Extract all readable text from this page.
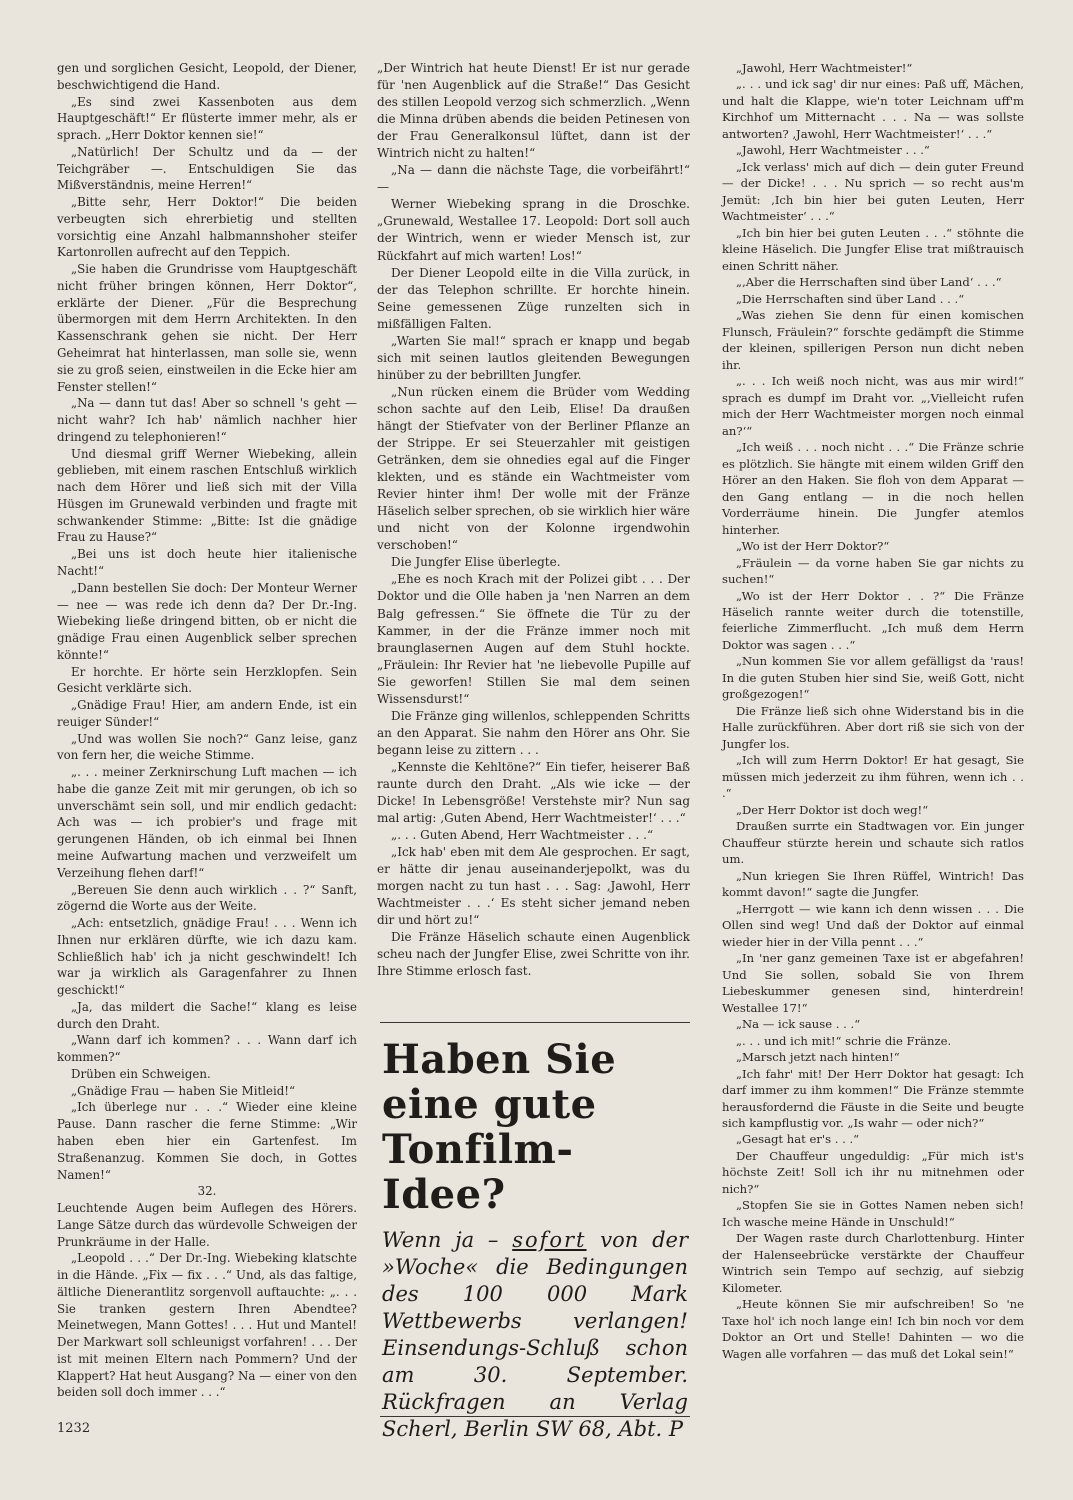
gen und sorglichen Gesicht, Leopold, der Diener, beschwichtigend die Hand.

„Es sind zwei Kassenboten aus dem Hauptgeschäft!“ Er flüsterte immer mehr, als er sprach. „Herr Doktor kennen sie!“

„Natürlich! Der Schultz und da — der Teichgräber —. Entschuldigen Sie das Mißverständnis, meine Herren!“

„Bitte sehr, Herr Doktor!“ Die beiden verbeugten sich ehrerbietig und stellten vorsichtig eine Anzahl halbmannshoher steifer Kartonrollen aufrecht auf den Teppich.

„Sie haben die Grundrisse vom Hauptgeschäft nicht früher bringen können, Herr Doktor“, erklärte der Diener. „Für die Besprechung übermorgen mit dem Herrn Architekten. In den Kassenschrank gehen sie nicht. Der Herr Geheimrat hat hinterlassen, man solle sie, wenn sie zu groß seien, einstweilen in die Ecke hier am Fenster stellen!“

„Na — dann tut das! Aber so schnell 's geht — nicht wahr? Ich hab' nämlich nachher hier dringend zu telephonieren!“

Und diesmal griff Werner Wiebeking, allein geblieben, mit einem raschen Entschluß wirklich nach dem Hörer und ließ sich mit der Villa Hüsgen im Grunewald verbinden und fragte mit schwankender Stimme: „Bitte: Ist die gnädige Frau zu Hause?“

„Bei uns ist doch heute hier italienische Nacht!“

„Dann bestellen Sie doch: Der Monteur Werner — nee — was rede ich denn da? Der Dr.-Ing. Wiebeking ließe dringend bitten, ob er nicht die gnädige Frau einen Augenblick selber sprechen könnte!“

Er horchte. Er hörte sein Herzklopfen. Sein Gesicht verklärte sich.

„Gnädige Frau! Hier, am andern Ende, ist ein reuiger Sünder!“

„Und was wollen Sie noch?“ Ganz leise, ganz von fern her, die weiche Stimme.

„. . . meiner Zerknirschung Luft machen — ich habe die ganze Zeit mit mir gerungen, ob ich so unverschämt sein soll, und mir endlich gedacht: Ach was — ich probier's und frage mit gerungenen Händen, ob ich einmal bei Ihnen meine Aufwartung machen und verzweifelt um Verzeihung flehen darf!“

„Bereuen Sie denn auch wirklich . . ?“ Sanft, zögernd die Worte aus der Weite.

„Ach: entsetzlich, gnädige Frau! . . . Wenn ich Ihnen nur erklären dürfte, wie ich dazu kam. Schließlich hab' ich ja nicht geschwindelt! Ich war ja wirklich als Garagenfahrer zu Ihnen geschickt!“

„Ja, das mildert die Sache!“ klang es leise durch den Draht.

„Wann darf ich kommen? . . . Wann darf ich kommen?“

Drüben ein Schweigen.

„Gnädige Frau — haben Sie Mitleid!“

„Ich überlege nur . . .“ Wieder eine kleine Pause. Dann rascher die ferne Stimme: „Wir haben eben hier ein Gartenfest. Im Straßenanzug. Kommen Sie doch, in Gottes Namen!“

32.

Leuchtende Augen beim Auflegen des Hörers. Lange Sätze durch das würdevolle Schweigen der Prunkräume in der Halle.

„Leopold . . .“ Der Dr.-Ing. Wiebeking klatschte in die Hände. „Fix — fix . . .“ Und, als das faltige, ältliche Dienerantlitz sorgenvoll auftauchte: „. . . Sie tranken gestern Ihren Abendtee? Meinetwegen, Mann Gottes! . . . Hut und Mantel! Der Markwart soll schleunigst vorfahren! . . . Der ist mit meinen Eltern nach Pommern? Und der Klappert? Hat heut Ausgang? Na — einer von den beiden soll doch immer . . .“

„Der Wintrich hat heute Dienst! Er ist nur gerade für 'nen Augenblick auf die Straße!“ Das Gesicht des stillen Leopold verzog sich schmerzlich. „Wenn die Minna drüben abends die beiden Petinesen von der Frau Generalkonsul lüftet, dann ist der Wintrich nicht zu halten!“

„Na — dann die nächste Tage, die vorbeifährt!“ —

Werner Wiebeking sprang in die Droschke. „Grunewald, Westallee 17. Leopold: Dort soll auch der Wintrich, wenn er wieder Mensch ist, zur Rückfahrt auf mich warten! Los!“

Der Diener Leopold eilte in die Villa zurück, in der das Telephon schrillte. Er horchte hinein. Seine gemessenen Züge runzelten sich in mißfälligen Falten.

„Warten Sie mal!“ sprach er knapp und begab sich mit seinen lautlos gleitenden Bewegungen hinüber zu der bebrillten Jungfer.

„Nun rücken einem die Brüder vom Wedding schon sachte auf den Leib, Elise! Da draußen hängt der Stiefvater von der Berliner Pflanze an der Strippe. Er sei Steuerzahler mit geistigen Getränken, dem sie ohnedies egal auf die Finger klekten, und es stände ein Wachtmeister vom Revier hinter ihm! Der wolle mit der Fränze Häselich selber sprechen, ob sie wirklich hier wäre und nicht von der Kolonne irgendwohin verschoben!“

Die Jungfer Elise überlegte.

„Ehe es noch Krach mit der Polizei gibt . . . Der Doktor und die Olle haben ja 'nen Narren an dem Balg gefressen.“ Sie öffnete die Tür zu der Kammer, in der die Fränze immer noch mit braunglasernen Augen auf dem Stuhl hockte. „Fräulein: Ihr Revier hat 'ne liebevolle Pupille auf Sie geworfen! Stillen Sie mal dem seinen Wissensdurst!“

Die Fränze ging willenlos, schleppenden Schritts an den Apparat. Sie nahm den Hörer ans Ohr. Sie begann leise zu zittern . . .

„Kennste die Kehltöne?“ Ein tiefer, heiserer Baß raunte durch den Draht. „Als wie icke — der Dicke! In Lebensgröße! Verstehste mir? Nun sag mal artig: ‚Guten Abend, Herr Wachtmeister!‘ . . .“

„. . . Guten Abend, Herr Wachtmeister . . .“

„Ick hab' eben mit dem Ale gesprochen. Er sagt, er hätte dir jenau auseinanderjepolkt, was du morgen nacht zu tun hast . . . Sag: ‚Jawohl, Herr Wachtmeister . . .‘ Es steht sicher jemand neben dir und hört zu!“

Die Fränze Häselich schaute einen Augenblick scheu nach der Jungfer Elise, zwei Schritte von ihr. Ihre Stimme erlosch fast.

Haben Sie eine gute Tonfilm-Idee?
Wenn ja – sofort von der »Woche« die Bedingungen des 100 000 Mark Wettbewerbs verlangen! Einsendungs-Schluß schon am 30. September. Rückfragen an Verlag Scherl, Berlin SW 68, Abt. P

„Jawohl, Herr Wachtmeister!“

„. . . und ick sag' dir nur eines: Paß uff, Mächen, und halt die Klappe, wie'n toter Leichnam uff'm Kirchhof um Mitternacht . . . Na — was sollste antworten? ‚Jawohl, Herr Wachtmeister!‘ . . .“

„Jawohl, Herr Wachtmeister . . .“

„Ick verlass' mich auf dich — dein guter Freund — der Dicke! . . . Nu sprich — so recht aus'm Jemüt: ‚Ich bin hier bei guten Leuten, Herr Wachtmeister‘ . . .“

„Ich bin hier bei guten Leuten . . .“ stöhnte die kleine Häselich. Die Jungfer Elise trat mißtrauisch einen Schritt näher.

„‚Aber die Herrschaften sind über Land‘ . . .“

„Die Herrschaften sind über Land . . .“

„Was ziehen Sie denn für einen komischen Flunsch, Fräulein?“ forschte gedämpft die Stimme der kleinen, spillerigen Person nun dicht neben ihr.

„. . . Ich weiß noch nicht, was aus mir wird!“ sprach es dumpf im Draht vor. „‚Vielleicht rufen mich der Herr Wachtmeister morgen noch einmal an?‘“

„Ich weiß . . . noch nicht . . .“ Die Fränze schrie es plötzlich. Sie hängte mit einem wilden Griff den Hörer an den Haken. Sie floh von dem Apparat — den Gang entlang — in die noch hellen Vorderräume hinein. Die Jungfer atemlos hinterher.

„Wo ist der Herr Doktor?“

„Fräulein — da vorne haben Sie gar nichts zu suchen!“

„Wo ist der Herr Doktor . . ?“ Die Fränze Häselich rannte weiter durch die totenstille, feierliche Zimmerflucht. „Ich muß dem Herrn Doktor was sagen . . .“

„Nun kommen Sie vor allem gefälligst da 'raus! In die guten Stuben hier sind Sie, weiß Gott, nicht großgezogen!“

Die Fränze ließ sich ohne Widerstand bis in die Halle zurückführen. Aber dort riß sie sich von der Jungfer los.

„Ich will zum Herrn Doktor! Er hat gesagt, Sie müssen mich jederzeit zu ihm führen, wenn ich . . .“

„Der Herr Doktor ist doch weg!“

Draußen surrte ein Stadtwagen vor. Ein junger Chauffeur stürzte herein und schaute sich ratlos um.

„Nun kriegen Sie Ihren Rüffel, Wintrich! Das kommt davon!“ sagte die Jungfer.

„Herrgott — wie kann ich denn wissen . . . Die Ollen sind weg! Und daß der Doktor auf einmal wieder hier in der Villa pennt . . .“

„In 'ner ganz gemeinen Taxe ist er abgefahren! Und Sie sollen, sobald Sie von Ihrem Liebeskummer genesen sind, hinterdrein! Westallee 17!“

„Na — ick sause . . .“

„. . . und ich mit!“ schrie die Fränze.

„Marsch jetzt nach hinten!“

„Ich fahr' mit! Der Herr Doktor hat gesagt: Ich darf immer zu ihm kommen!“ Die Fränze stemmte herausfordernd die Fäuste in die Seite und beugte sich kampflustig vor. „Is wahr — oder nich?“

„Gesagt hat er's . . .“

Der Chauffeur ungeduldig: „Für mich ist's höchste Zeit! Soll ich ihr nu mitnehmen oder nich?“

„Stopfen Sie sie in Gottes Namen neben sich! Ich wasche meine Hände in Unschuld!“

Der Wagen raste durch Charlottenburg. Hinter der Halenseebrücke verstärkte der Chauffeur Wintrich sein Tempo auf sechzig, auf siebzig Kilometer.

„Heute können Sie mir aufschreiben! So 'ne Taxe hol' ich noch lange ein! Ich bin noch vor dem Doktor an Ort und Stelle! Dahinten — wo die Wagen alle vorfahren — das muß det Lokal sein!“

1232
